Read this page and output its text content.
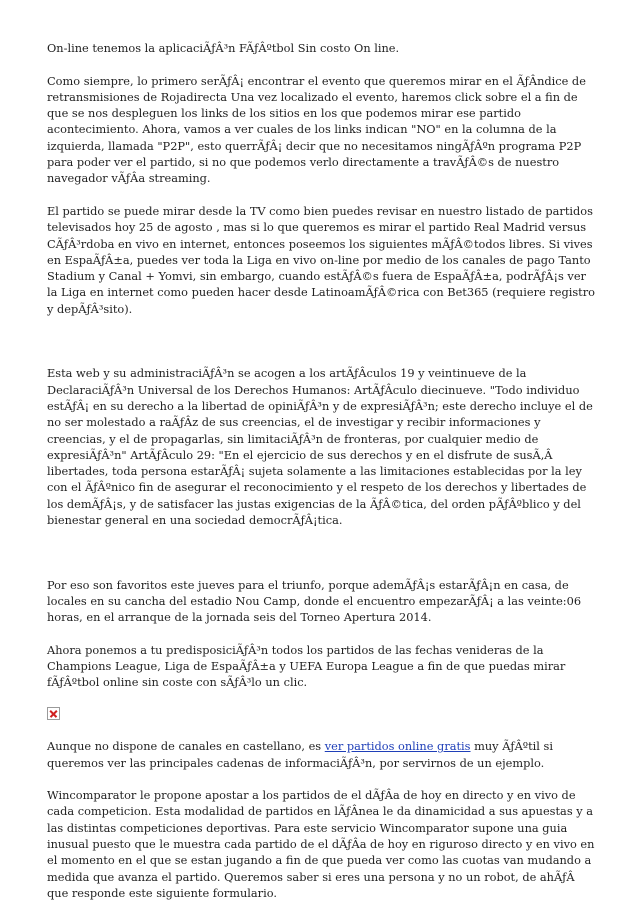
On-line tenemos la aplicaciÃƒÂ³n FÃƒÂºtbol Sin costo On line.

Como siempre, lo primero serÃƒÂ¡ encontrar el evento que queremos mirar en el ÃƒÂndice de retransmisiones de Rojadirecta Una vez localizado el evento, haremos click sobre el a fin de que se nos despleguen los links de los sitios en los que podemos mirar ese partido acontecimiento. Ahora, vamos a ver cuales de los links indican "NO" en la columna de la izquierda, llamada "P2P", esto querrÃƒÂ¡ decir que no necesitamos ningÃƒÂºn programa P2P para poder ver el partido, si no que podemos verlo directamente a travÃƒÂ©s de nuestro navegador vÃƒÂa streaming.

El partido se puede mirar desde la TV como bien puedes revisar en nuestro listado de partidos televisados hoy 25 de agosto , mas si lo que queremos es mirar el partido Real Madrid versus CÃƒÂ³rdoba en vivo en internet, entonces poseemos los siguientes mÃƒÂ©todos libres. Si vives en EspaÃƒÂ±a, puedes ver toda la Liga en vivo on-line por medio de los canales de pago Tanto Stadium y Canal + Yomvi, sin embargo, cuando estÃƒÂ©s fuera de EspaÃƒÂ±a, podrÃƒÂ¡s ver la Liga en internet como pueden hacer desde LatinoamÃƒÂ©rica con Bet365 (requiere registro y depÃƒÂ³sito).

Esta web y su administraciÃƒÂ³n se acogen a los artÃƒÂculos 19 y veintinueve de la DeclaraciÃƒÂ³n Universal de los Derechos Humanos: ArtÃƒÂculo diecinueve. "Todo individuo estÃƒÂ¡ en su derecho a la libertad de opiniÃƒÂ³n y de expresiÃƒÂ³n; este derecho incluye el de no ser molestado a raÃƒÂz de sus creencias, el de investigar y recibir informaciones y creencias, y el de propagarlas, sin limitaciÃƒÂ³n de fronteras, por cualquier medio de expresiÃƒÂ³n" ArtÃƒÂculo 29: "En el ejercicio de sus derechos y en el disfrute de susÃ‚Â libertades, toda persona estarÃƒÂ¡ sujeta solamente a las limitaciones establecidas por la ley con el ÃƒÂºnico fin de asegurar el reconocimiento y el respeto de los derechos y libertades de los demÃƒÂ¡s, y de satisfacer las justas exigencias de la ÃƒÂ©tica, del orden pÃƒÂºblico y del bienestar general en una sociedad democrÃƒÂ¡tica.

Por eso son favoritos este jueves para el triunfo, porque ademÃƒÂ¡s estarÃƒÂ¡n en casa, de locales en su cancha del estadio Nou Camp, donde el encuentro empezarÃƒÂ¡ a las veinte:06 horas, en el arranque de la jornada seis del Torneo Apertura 2014.

Ahora ponemos a tu predisposiciÃƒÂ³n todos los partidos de las fechas venideras de la Champions League, Liga de EspaÃƒÂ±a y UEFA Europa League a fin de que puedas mirar fÃƒÂºtbol online sin coste con sÃƒÂ³lo un clic.

Aunque no dispone de canales en castellano, es ver partidos online gratis muy ÃƒÂºtil si queremos ver las principales cadenas de informaciÃƒÂ³n, por servirnos de un ejemplo.

Wincomparator le propone apostar a los partidos de el dÃƒÂa de hoy en directo y en vivo de cada competicion. Esta modalidad de partidos en lÃƒÂnea le da dinamicidad a sus apuestas y a las distintas competiciones deportivas. Para este servicio Wincomparator supone una guia inusual puesto que le muestra cada partido de el dÃƒÂa de hoy en riguroso directo y en vivo en el momento en el que se estan jugando a fin de que pueda ver como las cuotas van mudando a medida que avanza el partido. Queremos saber si eres una persona y no un robot, de ahÃƒÂ que responde este siguiente formulario.
